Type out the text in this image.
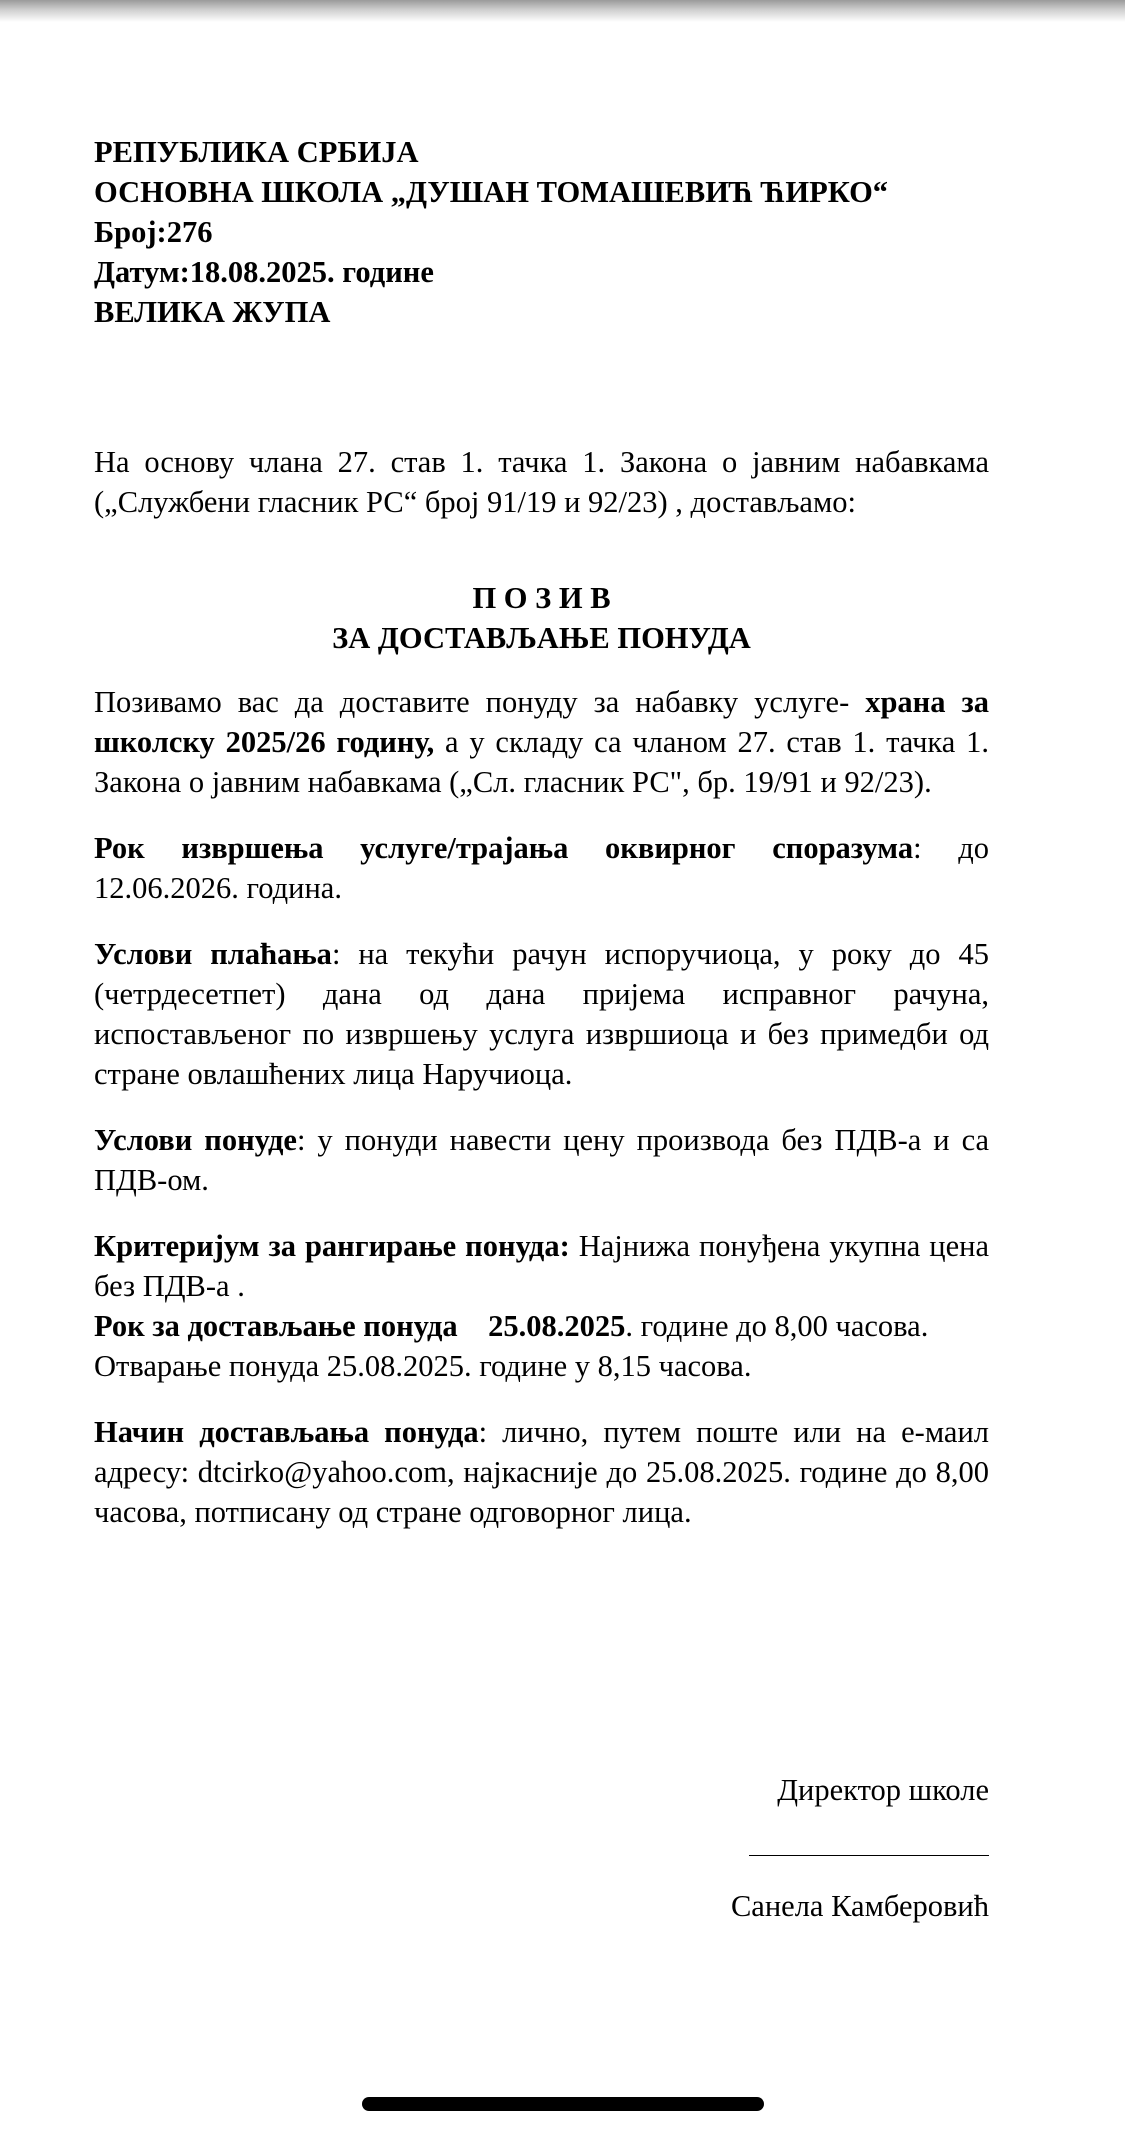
РЕПУБЛИКА СРБИЈА

ОСНОВНА ШКОЛА „ДУШАН ТОМАШЕВИЋ ЋИРКО“

Број:276

Датум:18.08.2025. године

ВЕЛИКА ЖУПА

На основу члана 27. став 1. тачка 1. Закона о јавним набавкама („Службени гласник РС“ број 91/19 и 92/23) , достављамо:

П О З И В

ЗА ДОСТАВЉАЊЕ ПОНУДА

Позивамо вас да доставите понуду за набавку услуге- храна за школску 2025/26 годину, а у складу са чланом 27. став 1. тачка 1. Закона о јавним набавкама („Сл. гласник РС", бр. 19/91 и 92/23).

Рок извршења услуге/трајања оквирног споразума: до 12.06.2026. година.

Услови плаћања: на текући рачун испоручиоца, у року до 45 (четрдесетпет) дана од дана пријема исправног рачуна, испостављеног по извршењу услуга извршиоца и без примедби од стране овлашћених лица Наручиоца.

Услови понуде: у понуди навести цену производа без ПДВ-а и са ПДВ-ом.

Критеријум за рангирање понуда: Најнижа понуђена укупна цена без ПДВ-а .

Рок за достављање понуда 25.08.2025. године до 8,00 часова.

Отварање понуда 25.08.2025. године у 8,15 часова.

Начин достављања понуда: лично, путем поште или на е-маил адресу: dtcirko@yahoo.com, најкасније до 25.08.2025. године до 8,00 часова, потписану од стране одговорног лица.

Директор школе
Санела Камберовић
